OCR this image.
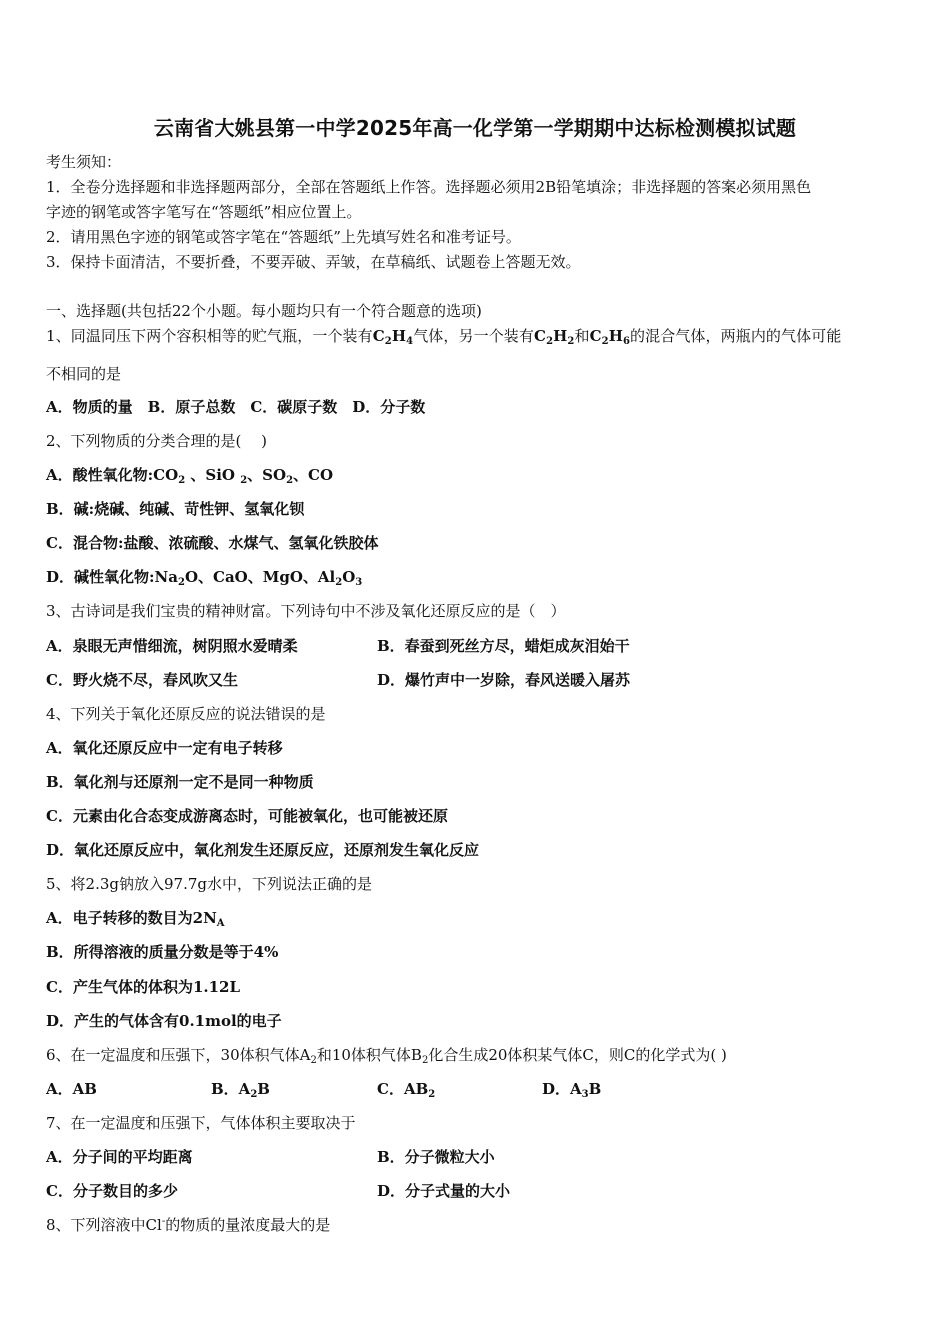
云南省大姚县第一中学2025年高一化学第一学期期中达标检测模拟试题
考生须知：
1．全卷分选择题和非选择题两部分，全部在答题纸上作答。选择题必须用2B铅笔填涂；非选择题的答案必须用黑色
字迹的钢笔或答字笔写在“答题纸”相应位置上。
2．请用黑色字迹的钢笔或答字笔在“答题纸”上先填写姓名和准考证号。
3．保持卡面清洁，不要折叠，不要弄破、弄皱，在草稿纸、试题卷上答题无效。
一、选择题(共包括22个小题。每小题均只有一个符合题意的选项)
1、同温同压下两个容积相等的贮气瓶，一个装有$C_2H_4$气体，另一个装有$C_2H_2$和$C_2H_6$的混合气体，两瓶内的气体可能
不相同的是
A．物质的量　B．原子总数　C．碳原子数　D．分子数
2、下列物质的分类合理的是(　 )
A．酸性氧化物$:CO_2$ 、SiO $_2$、$SO_2$、CO
B．碱:烧碱、纯碱、苛性钾、氢氧化钡
C．混合物:盐酸、浓硫酸、水煤气、氢氧化铁胶体
D．碱性氧化物$:Na_2O$、CaO、MgO、$Al_2O_3$
3、古诗词是我们宝贵的精神财富。下列诗句中不涉及氧化还原反应的是（　）
A．泉眼无声惜细流，树阴照水爱晴柔	B．春蚕到死丝方尽，蜡炬成灰泪始干
C．野火烧不尽，春风吹又生	D．爆竹声中一岁除，春风送暖入屠苏
4、下列关于氧化还原反应的说法错误的是
A．氧化还原反应中一定有电子转移
B．氧化剂与还原剂一定不是同一种物质
C．元素由化合态变成游离态时，可能被氧化，也可能被还原
D．氧化还原反应中，氧化剂发生还原反应，还原剂发生氧化反应
5、将2.3g钠放入97.7g水中，下列说法正确的是
A．电子转移的数目为$2N_A$
B．所得溶液的质量分数是等于4%
C．产生气体的体积为1.12L
D．产生的气体含有0.1mol的电子
6、在一定温度和压强下，30体积气体$A_2$和10体积气体$B_2$化合生成20体积某气体C，则C的化学式为( )
A．AB	B．$A_2B$	C．$AB_2$	D．$A_3B$
7、在一定温度和压强下，气体体积主要取决于
A．分子间的平均距离	B．分子微粒大小
C．分子数目的多少	D．分子式量的大小
8、下列溶液中Cl-的物质的量浓度最大的是
